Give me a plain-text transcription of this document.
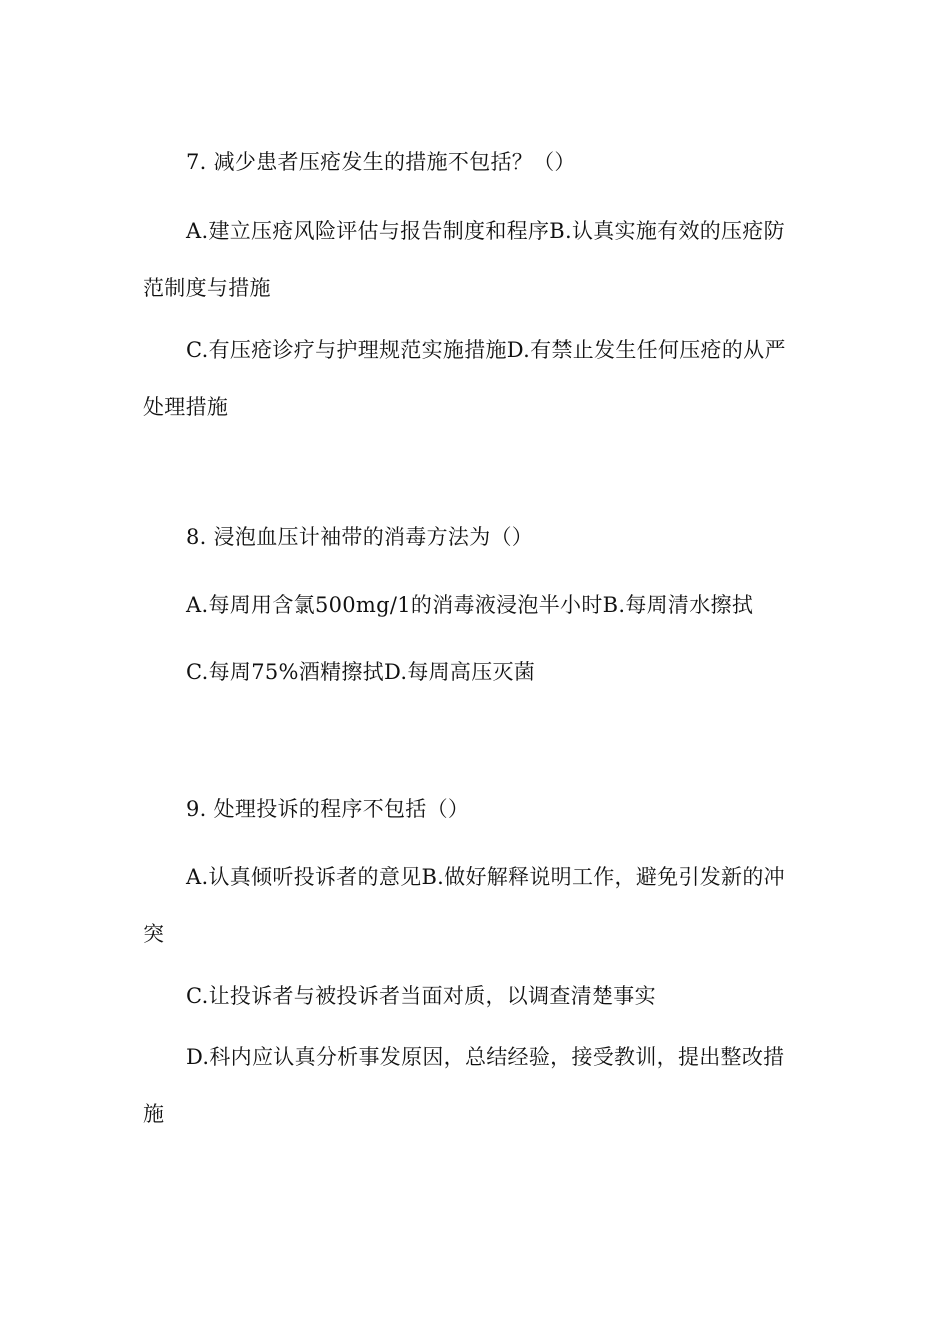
7. 减少患者压疮发生的措施不包括？（）

A.建立压疮风险评估与报告制度和程序B.认真实施有效的压疮防范制度与措施

C.有压疮诊疗与护理规范实施措施D.有禁止发生任何压疮的从严处理措施

8. 浸泡血压计袖带的消毒方法为（）

A.每周用含氯500mg/1的消毒液浸泡半小时B.每周清水擦拭

C.每周75%酒精擦拭D.每周高压灭菌

9. 处理投诉的程序不包括（）

A.认真倾听投诉者的意见B.做好解释说明工作，避免引发新的冲突

C.让投诉者与被投诉者当面对质，以调查清楚事实

D.科内应认真分析事发原因，总结经验，接受教训，提出整改措施
